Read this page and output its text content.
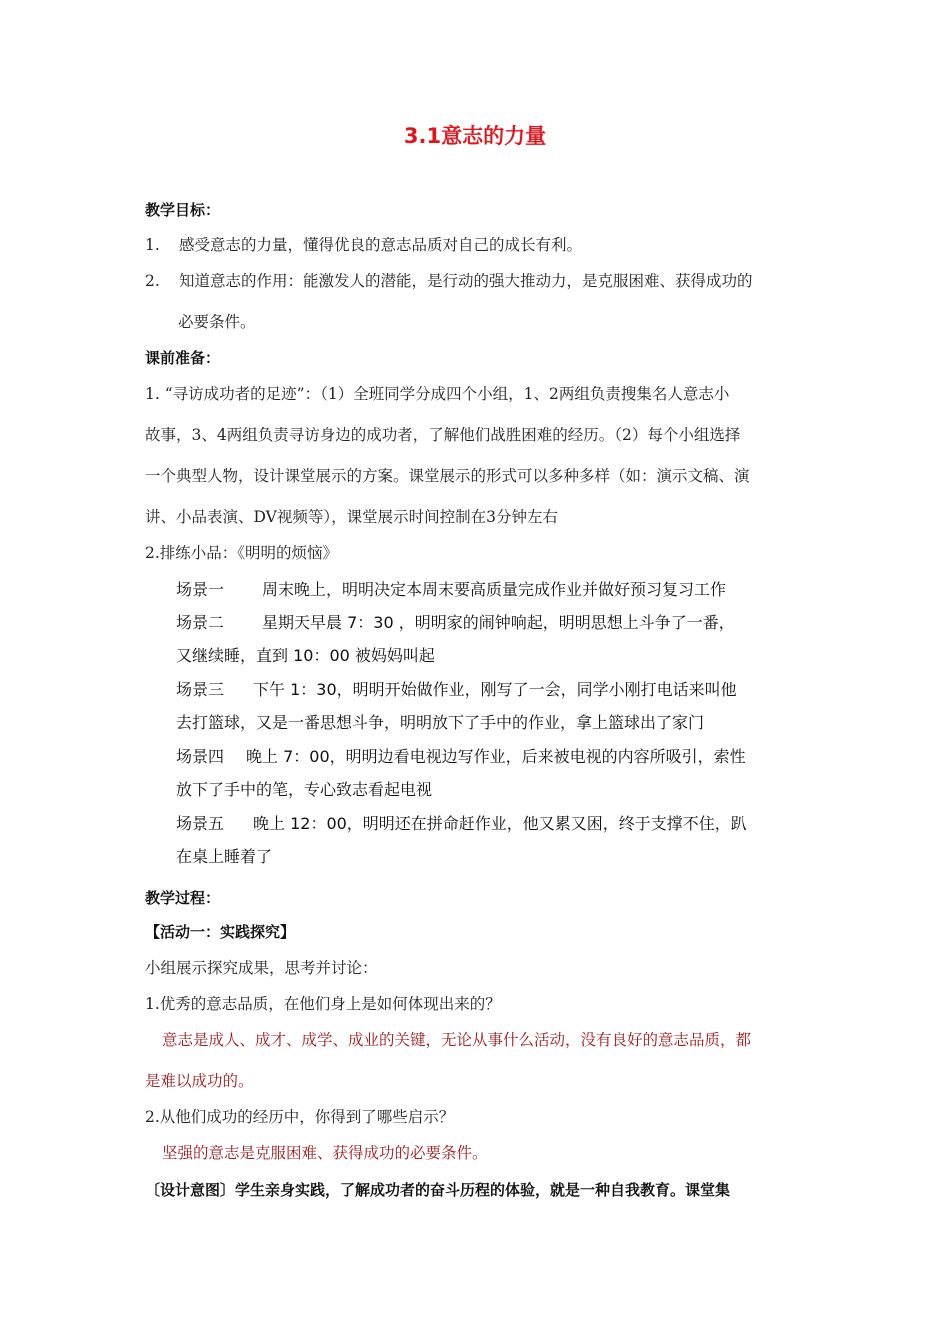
3.1意志的力量
教学目标：
1. 感受意志的力量，懂得优良的意志品质对自己的成长有利。
2. 知道意志的作用：能激发人的潜能，是行动的强大推动力，是克服困难、获得成功的
必要条件。
课前准备：
1. “寻访成功者的足迹”：（1）全班同学分成四个小组，1、2两组负责搜集名人意志小
故事，3、4两组负责寻访身边的成功者，了解他们战胜困难的经历。（2）每个小组选择
一个典型人物，设计课堂展示的方案。课堂展示的形式可以多种多样（如：演示文稿、演
讲、小品表演、DV视频等），课堂展示时间控制在3分钟左右
2.排练小品：《明明的烦恼》
场景一 周末晚上，明明决定本周末要高质量完成作业并做好预习复习工作
场景二 星期天早晨 7：30 ，明明家的闹钟响起，明明思想上斗争了一番，
又继续睡，直到 10：00 被妈妈叫起
场景三 下午 1：30，明明开始做作业，刚写了一会，同学小刚打电话来叫他
去打篮球，又是一番思想斗争，明明放下了手中的作业，拿上篮球出了家门
场景四 晚上 7：00，明明边看电视边写作业，后来被电视的内容所吸引，索性
放下了手中的笔，专心致志看起电视
场景五 晚上 12：00，明明还在拼命赶作业，他又累又困，终于支撑不住，趴
在桌上睡着了
教学过程：
【活动一：实践探究】
小组展示探究成果，思考并讨论：
1.优秀的意志品质，在他们身上是如何体现出来的？
意志是成人、成才、成学、成业的关键，无论从事什么活动，没有良好的意志品质，都
是难以成功的。
2.从他们成功的经历中，你得到了哪些启示？
坚强的意志是克服困难、获得成功的必要条件。
〔设计意图〕学生亲身实践，了解成功者的奋斗历程的体验，就是一种自我教育。课堂集
